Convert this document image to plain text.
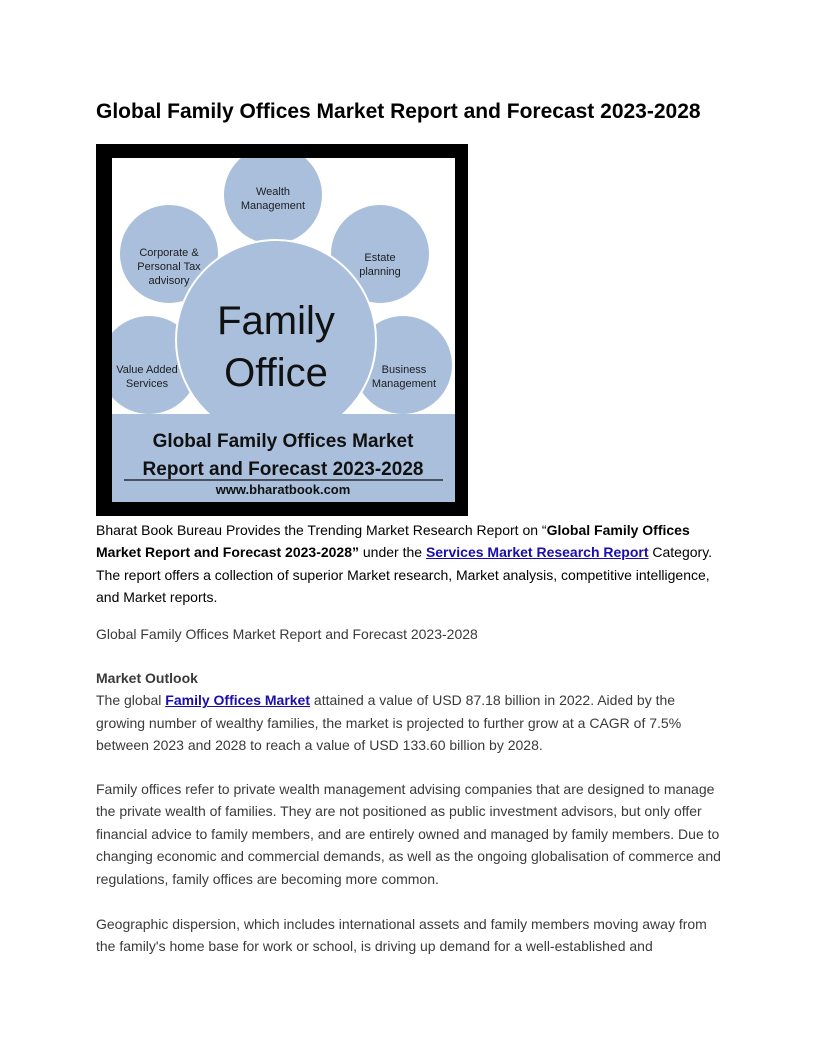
Global Family Offices Market Report and Forecast 2023-2028
Wealth
Management
Estate
planning
Corporate &
Personal Tax
advisory
Value Added
Services
Business
Management
Family
Office
Global Family Offices Market
Report and Forecast 2023-2028
www.bharatbook.com

Bharat Book Bureau Provides the Trending Market Research Report on “Global Family Offices Market Report and Forecast 2023-2028” under the Services Market Research Report Category. The report offers a collection of superior Market research, Market analysis, competitive intelligence, and Market reports.

Global Family Offices Market Report and Forecast 2023-2028

Market Outlook
The global Family Offices Market attained a value of USD 87.18 billion in 2022. Aided by the growing number of wealthy families, the market is projected to further grow at a CAGR of 7.5% between 2023 and 2028 to reach a value of USD 133.60 billion by 2028.

Family offices refer to private wealth management advising companies that are designed to manage the private wealth of families. They are not positioned as public investment advisors, but only offer financial advice to family members, and are entirely owned and managed by family members. Due to changing economic and commercial demands, as well as the ongoing globalisation of commerce and regulations, family offices are becoming more common.

Geographic dispersion, which includes international assets and family members moving away from the family's home base for work or school, is driving up demand for a well-established and
